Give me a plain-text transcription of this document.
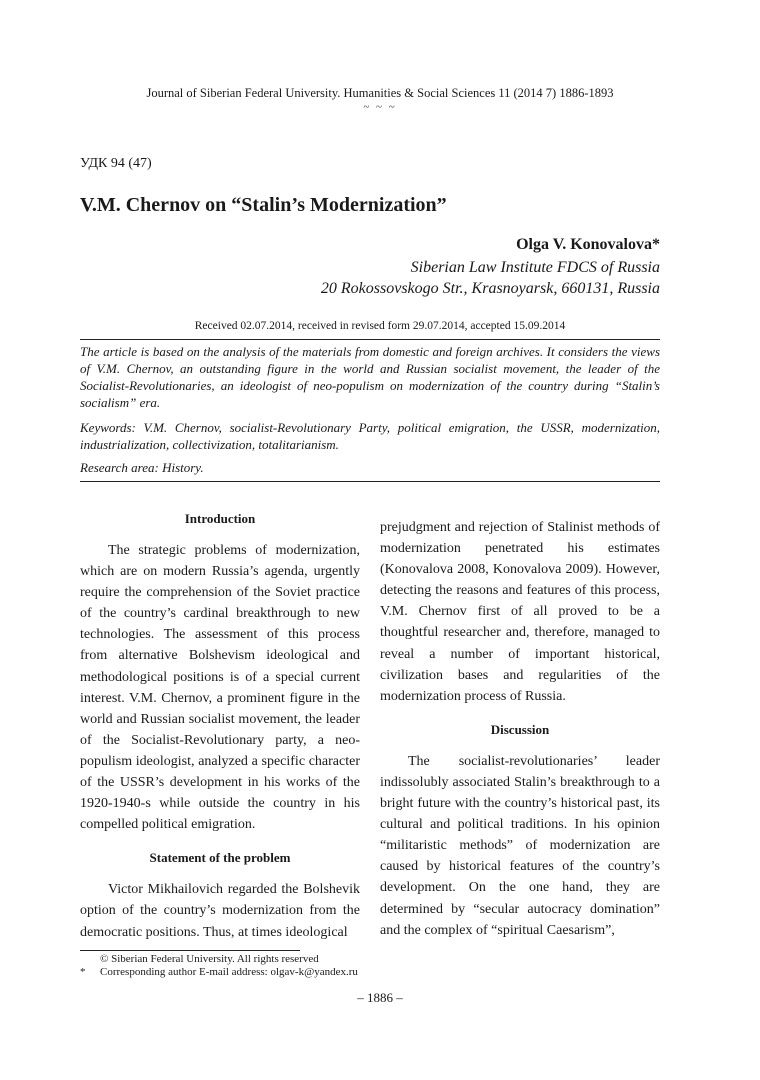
Journal of Siberian Federal University. Humanities & Social Sciences 11 (2014 7) 1886-1893
~ ~ ~
УДК 94 (47)
V.M. Chernov on “Stalin’s Modernization”
Olga V. Konovalova*
Siberian Law Institute FDCS of Russia
20 Rokossovskogo Str., Krasnoyarsk, 660131, Russia
Received 02.07.2014, received in revised form 29.07.2014, accepted 15.09.2014
The article is based on the analysis of the materials from domestic and foreign archives. It considers the views of V.M. Chernov, an outstanding figure in the world and Russian socialist movement, the leader of the Socialist-Revolutionaries, an ideologist of neo-populism on modernization of the country during “Stalin’s socialism” era.
Keywords: V.M. Chernov, socialist-Revolutionary Party, political emigration, the USSR, modernization, industrialization, collectivization, totalitarianism.
Research area: History.
Introduction

The strategic problems of modernization, which are on modern Russia’s agenda, urgently require the comprehension of the Soviet practice of the country’s cardinal breakthrough to new technologies. The assessment of this process from alternative Bolshevism ideological and methodological positions is of a special current interest. V.M. Chernov, a prominent figure in the world and Russian socialist movement, the leader of the Socialist-Revolutionary party, a neo-populism ideologist, analyzed a specific character of the USSR’s development in his works of the 1920-1940-s while outside the country in his compelled political emigration.

Statement of the problem

Victor Mikhailovich regarded the Bolshevik option of the country’s modernization from the democratic positions. Thus, at times ideological

prejudgment and rejection of Stalinist methods of modernization penetrated his estimates (Konovalova 2008, Konovalova 2009). However, detecting the reasons and features of this process, V.M. Chernov first of all proved to be a thoughtful researcher and, therefore, managed to reveal a number of important historical, civilization bases and regularities of the modernization process of Russia.

Discussion

The socialist-revolutionaries’ leader indissolubly associated Stalin’s breakthrough to a bright future with the country’s historical past, its cultural and political traditions. In his opinion “militaristic methods” of modernization are caused by historical features of the country’s development. On the one hand, they are determined by “secular autocracy domination” and the complex of “spiritual Caesarism”,

© Siberian Federal University. All rights reserved
* Corresponding author E-mail address: olgav-k@yandex.ru
– 1886 –
